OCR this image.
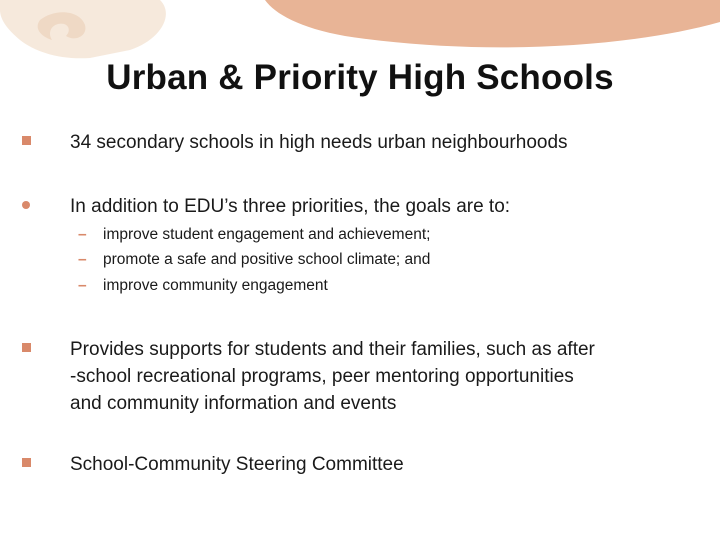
Urban & Priority High Schools
34 secondary schools in high needs urban neighbourhoods
In addition to EDU’s three priorities, the goals are to:
–	improve student engagement and achievement;
–	promote a safe and positive school climate; and
–	improve community engagement
Provides supports for students and their families, such as after
-school recreational programs, peer mentoring opportunities
and community information and events
School-Community Steering Committee
